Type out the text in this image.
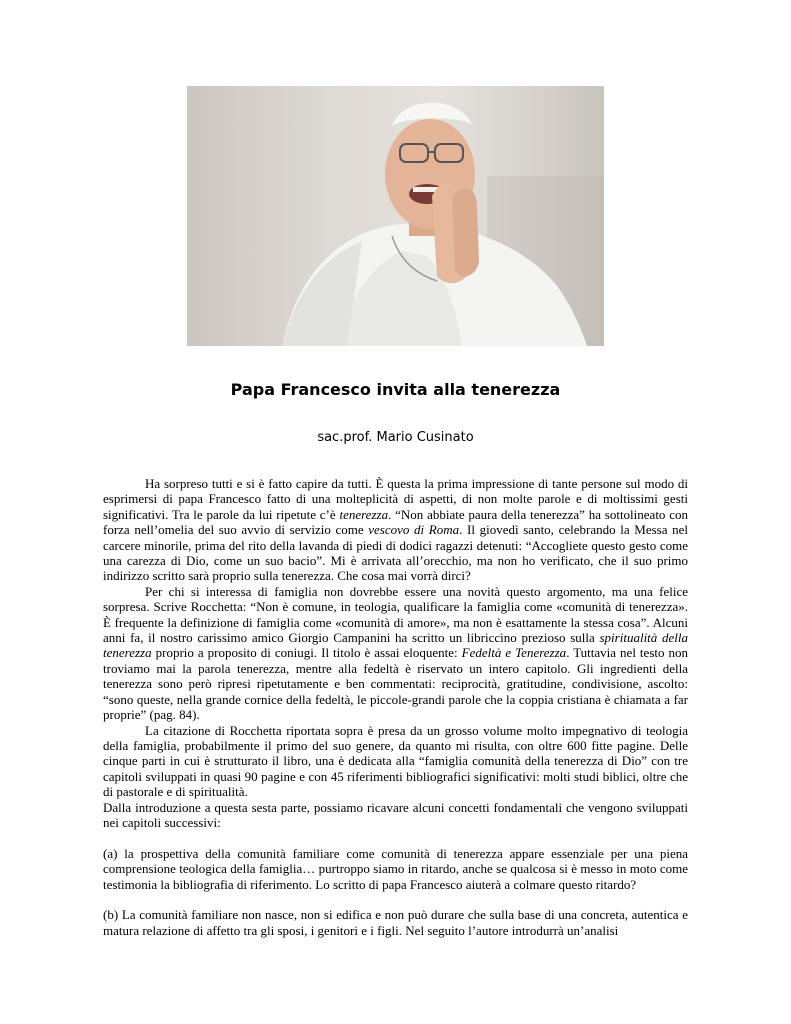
Papa Francesco invita alla tenerezza
sac.prof. Mario Cusinato

Ha sorpreso tutti e si è fatto capire da tutti. È questa la prima impressione di tante persone sul modo di esprimersi di papa Francesco fatto di una molteplicità di aspetti, di non molte parole e di moltissimi gesti significativi. Tra le parole da lui ripetute c’è tenerezza. “Non abbiate paura della tenerezza” ha sottolineato con forza nell’omelia del suo avvio di servizio come vescovo di Roma. Il giovedì santo, celebrando la Messa nel carcere minorile, prima del rito della lavanda di piedi di dodici ragazzi detenuti: “Accogliete questo gesto come una carezza di Dio, come un suo bacio”. Mi è arrivata all’orecchio, ma non ho verificato, che il suo primo indirizzo scritto sarà proprio sulla tenerezza. Che cosa mai vorrà dirci?

Per chi si interessa di famiglia non dovrebbe essere una novità questo argomento, ma una felice sorpresa. Scrive Rocchetta: “Non è comune, in teologia, qualificare la famiglia come «comunità di tenerezza». È frequente la definizione di famiglia come «comunità di amore», ma non è esattamente la stessa cosa”. Alcuni anni fa, il nostro carissimo amico Giorgio Campanini ha scritto un libriccino prezioso sulla spiritualità della tenerezza proprio a proposito di coniugi. Il titolo è assai eloquente: Fedeltà e Tenerezza. Tuttavia nel testo non troviamo mai la parola tenerezza, mentre alla fedeltà è riservato un intero capitolo. Gli ingredienti della tenerezza sono però ripresi ripetutamente e ben commentati: reciprocità, gratitudine, condivisione, ascolto: “sono queste, nella grande cornice della fedeltà, le piccole-grandi parole che la coppia cristiana è chiamata a far proprie” (pag. 84).

La citazione di Rocchetta riportata sopra è presa da un grosso volume molto impegnativo di teologia della famiglia, probabilmente il primo del suo genere, da quanto mi risulta, con oltre 600 fitte pagine. Delle cinque parti in cui è strutturato il libro, una è dedicata alla “famiglia comunità della tenerezza di Dio” con tre capitoli sviluppati in quasi 90 pagine e con 45 riferimenti bibliografici significativi: molti studi biblici, oltre che di pastorale e di spiritualità.

Dalla introduzione a questa sesta parte, possiamo ricavare alcuni concetti fondamentali che vengono sviluppati nei capitoli successivi:

(a) la prospettiva della comunità familiare come comunità di tenerezza appare essenziale per una piena comprensione teologica della famiglia… purtroppo siamo in ritardo, anche se qualcosa si è messo in moto come testimonia la bibliografia di riferimento. Lo scritto di papa Francesco aiuterà a colmare questo ritardo?

(b) La comunità familiare non nasce, non si edifica e non può durare che sulla base di una concreta, autentica e matura relazione di affetto tra gli sposi, i genitori e i figli. Nel seguito l’autore introdurrà un’analisi
